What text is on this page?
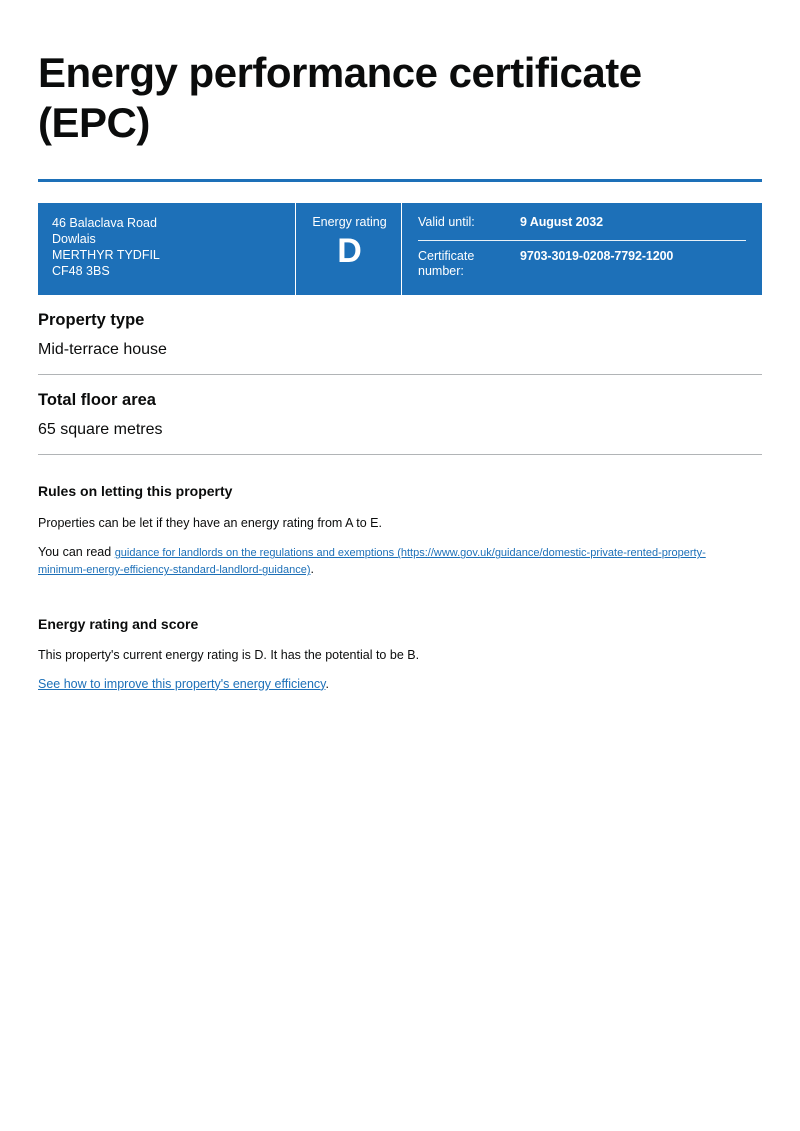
Energy performance certificate (EPC)
46 Balaclava Road
Dowlais
MERTHYR TYDFIL
CF48 3BS
Energy rating
D
Valid until:	9 August 2032
Certificate number:
9703-3019-0208-7792-1200
Property type

Mid-terrace house

Total floor area

65 square metres

Rules on letting this property

Properties can be let if they have an energy rating from A to E.

You can read guidance for landlords on the regulations and exemptions (https://www.gov.uk/guidance/domestic-private-rented-property-minimum-energy-efficiency-standard-landlord-guidance).

Energy rating and score

This property's current energy rating is D. It has the potential to be B.

See how to improve this property's energy efficiency.
